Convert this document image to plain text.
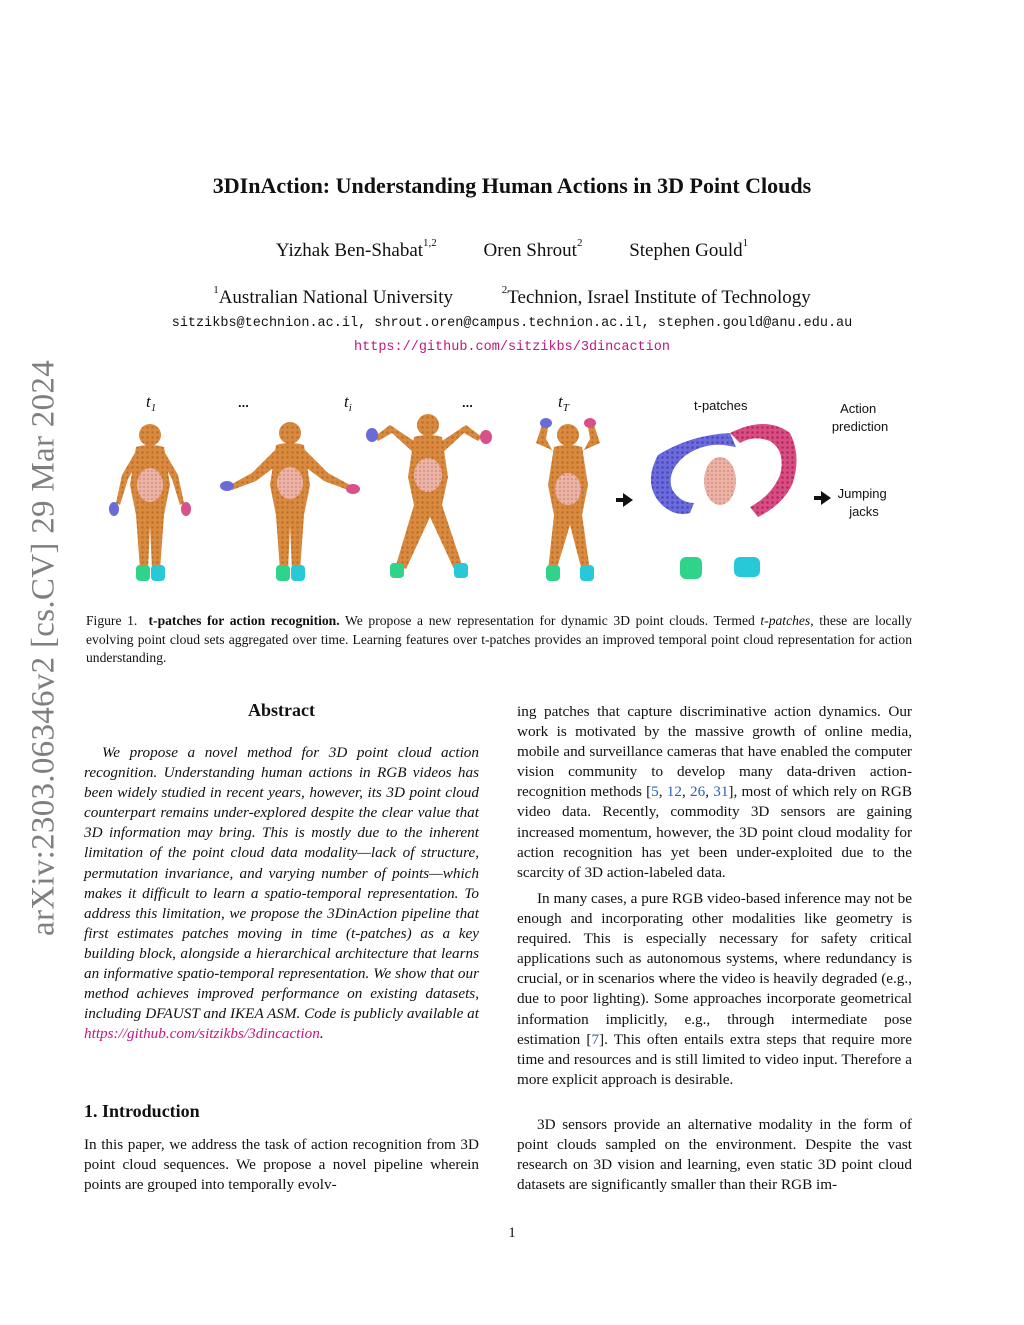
arXiv:2303.06346v2 [cs.CV] 29 Mar 2024
3DInAction: Understanding Human Actions in 3D Point Clouds
Yizhak Ben-Shabat$^{1,2}$ Oren Shrout$^2$ Stephen Gould$^1$
$^1$Australian National University	$^2$Technion, Israel Institute of Technology
sitzikbs@technion.ac.il, shrout.oren@campus.technion.ac.il, stephen.gould@anu.edu.au
https://github.com/sitzikbs/3dincaction
$t_1$	...	$t_i$	...	$t_T$	t-patches	Action prediction
Jumping jacks
Figure 1. t-patches for action recognition. We propose a new representation for dynamic 3D point clouds. Termed t-patches, these are locally evolving point cloud sets aggregated over time. Learning features over t-patches provides an improved temporal point cloud representation for action understanding.
Abstract
We propose a novel method for 3D point cloud action recognition. Understanding human actions in RGB videos has been widely studied in recent years, however, its 3D point cloud counterpart remains under-explored despite the clear value that 3D information may bring. This is mostly due to the inherent limitation of the point cloud data modality—lack of structure, permutation invariance, and varying number of points—which makes it difficult to learn a spatio-temporal representation. To address this limitation, we propose the 3DinAction pipeline that first estimates patches moving in time (t-patches) as a key building block, alongside a hierarchical architecture that learns an informative spatio-temporal representation. We show that our method achieves improved performance on existing datasets, including DFAUST and IKEA ASM. Code is publicly available at https://github.com/sitzikbs/3dincaction.
1. Introduction
In this paper, we address the task of action recognition from 3D point cloud sequences. We propose a novel pipeline wherein points are grouped into temporally evolv-
ing patches that capture discriminative action dynamics. Our work is motivated by the massive growth of online media, mobile and surveillance cameras that have enabled the computer vision community to develop many data-driven action-recognition methods [5, 12, 26, 31], most of which rely on RGB video data. Recently, commodity 3D sensors are gaining increased momentum, however, the 3D point cloud modality for action recognition has yet been under-exploited due to the scarcity of 3D action-labeled data.
In many cases, a pure RGB video-based inference may not be enough and incorporating other modalities like geometry is required. This is especially necessary for safety critical applications such as autonomous systems, where redundancy is crucial, or in scenarios where the video is heavily degraded (e.g., due to poor lighting). Some approaches incorporate geometrical information implicitly, e.g., through intermediate pose estimation [7]. This often entails extra steps that require more time and resources and is still limited to video input. Therefore a more explicit approach is desirable.
3D sensors provide an alternative modality in the form of point clouds sampled on the environment. Despite the vast research on 3D vision and learning, even static 3D point cloud datasets are significantly smaller than their RGB im-
1
